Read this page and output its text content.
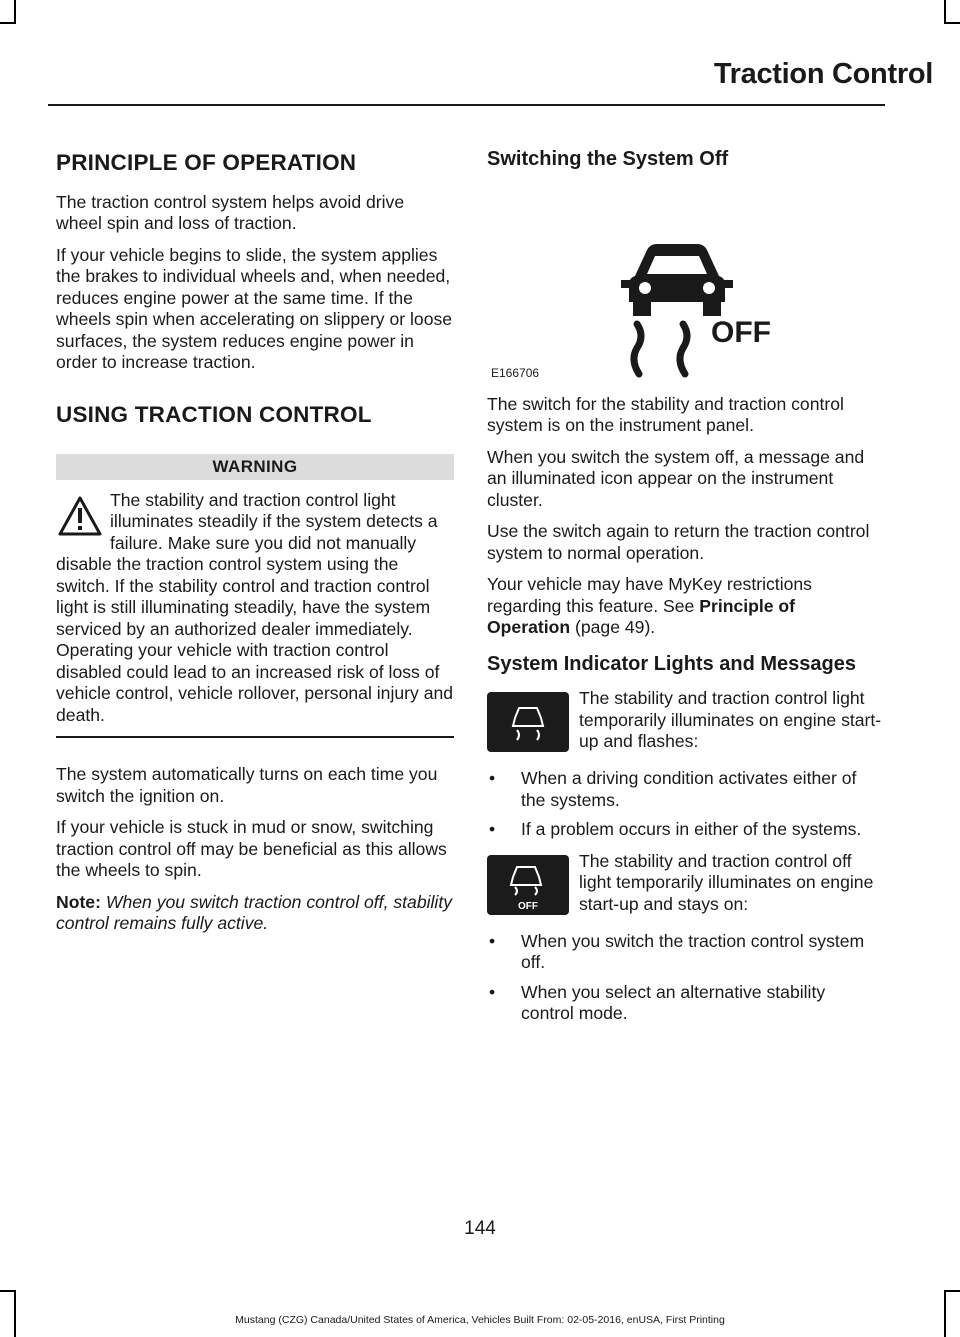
Traction Control
PRINCIPLE OF OPERATION

The traction control system helps avoid drive wheel spin and loss of traction.

If your vehicle begins to slide, the system applies the brakes to individual wheels and, when needed, reduces engine power at the same time. If the wheels spin when accelerating on slippery or loose surfaces, the system reduces engine power in order to increase traction.

USING TRACTION CONTROL
WARNING
The stability and traction control light illuminates steadily if the system detects a failure. Make sure you did not manually disable the traction control system using the switch. If the stability control and traction control light is still illuminating steadily, have the system serviced by an authorized dealer immediately. Operating your vehicle with traction control disabled could lead to an increased risk of loss of vehicle control, vehicle rollover, personal injury and death.

The system automatically turns on each time you switch the ignition on.

If your vehicle is stuck in mud or snow, switching traction control off may be beneficial as this allows the wheels to spin.

Note: When you switch traction control off, stability control remains fully active.

Switching the System Off
OFF
E166706

The switch for the stability and traction control system is on the instrument panel.

When you switch the system off, a message and an illuminated icon appear on the instrument cluster.

Use the switch again to return the traction control system to normal operation.

Your vehicle may have MyKey restrictions regarding this feature. See Principle of Operation (page 49).

System Indicator Lights and Messages

The stability and traction control light temporarily illuminates on engine start-up and flashes:

• When a driving condition activates either of the systems.
• If a problem occurs in either of the systems.
OFF

The stability and traction control off light temporarily illuminates on engine start-up and stays on:

• When you switch the traction control system off.
• When you select an alternative stability control mode.
144
Mustang (CZG) Canada/United States of America, Vehicles Built From: 02-05-2016, enUSA, First Printing
